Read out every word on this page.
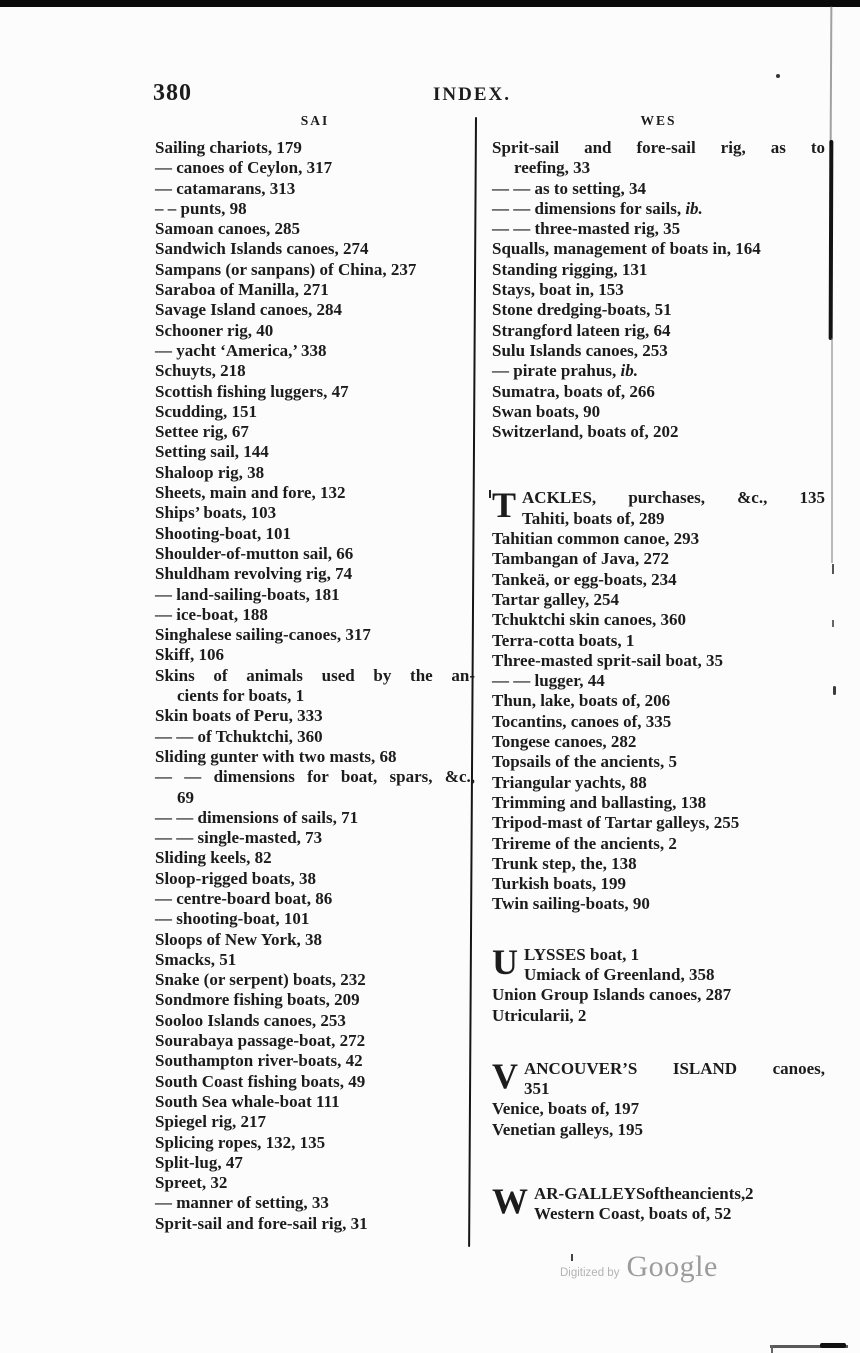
380	INDEX.
SAI	WES
Sailing chariots, 179
— canoes of Ceylon, 317
— catamarans, 313
– – punts, 98
Samoan canoes, 285
Sandwich Islands canoes, 274
Sampans (or sanpans) of China, 237
Saraboa of Manilla, 271
Savage Island canoes, 284
Schooner rig, 40
— yacht ‘America,’ 338
Schuyts, 218
Scottish fishing luggers, 47
Scudding, 151
Settee rig, 67
Setting sail, 144
Shaloop rig, 38
Sheets, main and fore, 132
Ships’ boats, 103
Shooting-boat, 101
Shoulder-of-mutton sail, 66
Shuldham revolving rig, 74
— land-sailing-boats, 181
— ice-boat, 188
Singhalese sailing-canoes, 317
Skiff, 106
Skins of animals used by the an-
cients for boats, 1
Skin boats of Peru, 333
— — of Tchuktchi, 360
Sliding gunter with two masts, 68
— — dimensions for boat, spars, &c.,
69
— — dimensions of sails, 71
— — single-masted, 73
Sliding keels, 82
Sloop-rigged boats, 38
— centre-board boat, 86
— shooting-boat, 101
Sloops of New York, 38
Smacks, 51
Snake (or serpent) boats, 232
Sondmore fishing boats, 209
Sooloo Islands canoes, 253
Sourabaya passage-boat, 272
Southampton river-boats, 42
South Coast fishing boats, 49
South Sea whale-boat 111
Spiegel rig, 217
Splicing ropes, 132, 135
Split-lug, 47
Spreet, 32
— manner of setting, 33
Sprit-sail and fore-sail rig, 31
Sprit-sail and fore-sail rig, as to
reefing, 33
— — as to setting, 34
— — dimensions for sails, ib.
— — three-masted rig, 35
Squalls, management of boats in, 164
Standing rigging, 131
Stays, boat in, 153
Stone dredging-boats, 51
Strangford lateen rig, 64
Sulu Islands canoes, 253
— pirate prahus, ib.
Sumatra, boats of, 266
Swan boats, 90
Switzerland, boats of, 202
T ACKLES, purchases, &c., 135
Tahiti, boats of, 289
Tahitian common canoe, 293
Tambangan of Java, 272
Tankeä, or egg-boats, 234
Tartar galley, 254
Tchuktchi skin canoes, 360
Terra-cotta boats, 1
Three-masted sprit-sail boat, 35
— — lugger, 44
Thun, lake, boats of, 206
Tocantins, canoes of, 335
Tongese canoes, 282
Topsails of the ancients, 5
Triangular yachts, 88
Trimming and ballasting, 138
Tripod-mast of Tartar galleys, 255
Trireme of the ancients, 2
Trunk step, the, 138
Turkish boats, 199
Twin sailing-boats, 90
U LYSSES boat, 1
Umiack of Greenland, 358
Union Group Islands canoes, 287
Utricularii, 2
V ANCOUVER’S ISLAND canoes,
351
Venice, boats of, 197
Venetian galleys, 195
W AR-GALLEYS of the ancients, 2
Western Coast, boats of, 52
Digitized by Google
